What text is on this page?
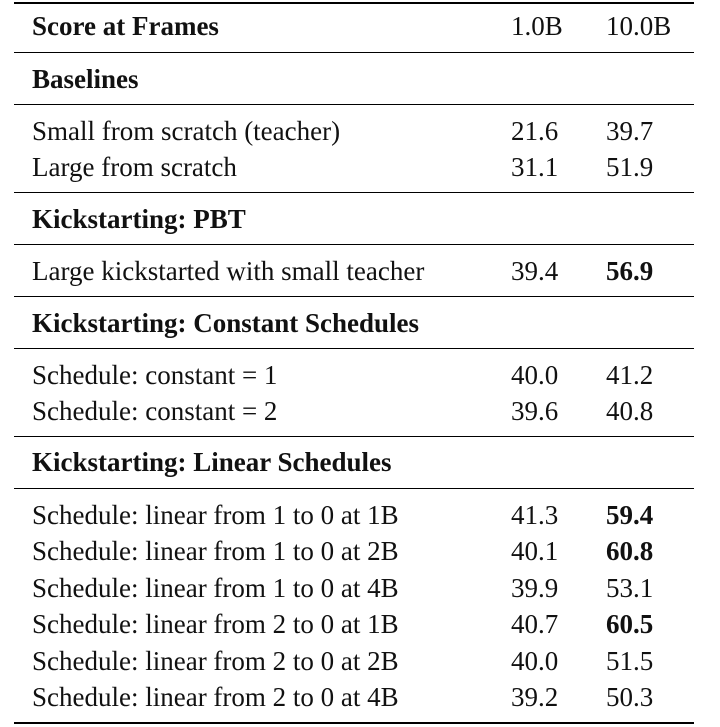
Score at Frames	1.0B 10.0B
Baselines
Small from scratch (teacher)	21.6 39.7
Large from scratch	31.1 51.9
Kickstarting: PBT
Large kickstarted with small teacher	39.4 56.9
Kickstarting: Constant Schedules
Schedule: constant = 1	40.0 41.2
Schedule: constant = 2	39.6 40.8
Kickstarting: Linear Schedules
Schedule: linear from 1 to 0 at 1B	41.3 59.4
Schedule: linear from 1 to 0 at 2B	40.1 60.8
Schedule: linear from 1 to 0 at 4B	39.9 53.1
Schedule: linear from 2 to 0 at 1B	40.7 60.5
Schedule: linear from 2 to 0 at 2B	40.0 51.5
Schedule: linear from 2 to 0 at 4B	39.2 50.3
